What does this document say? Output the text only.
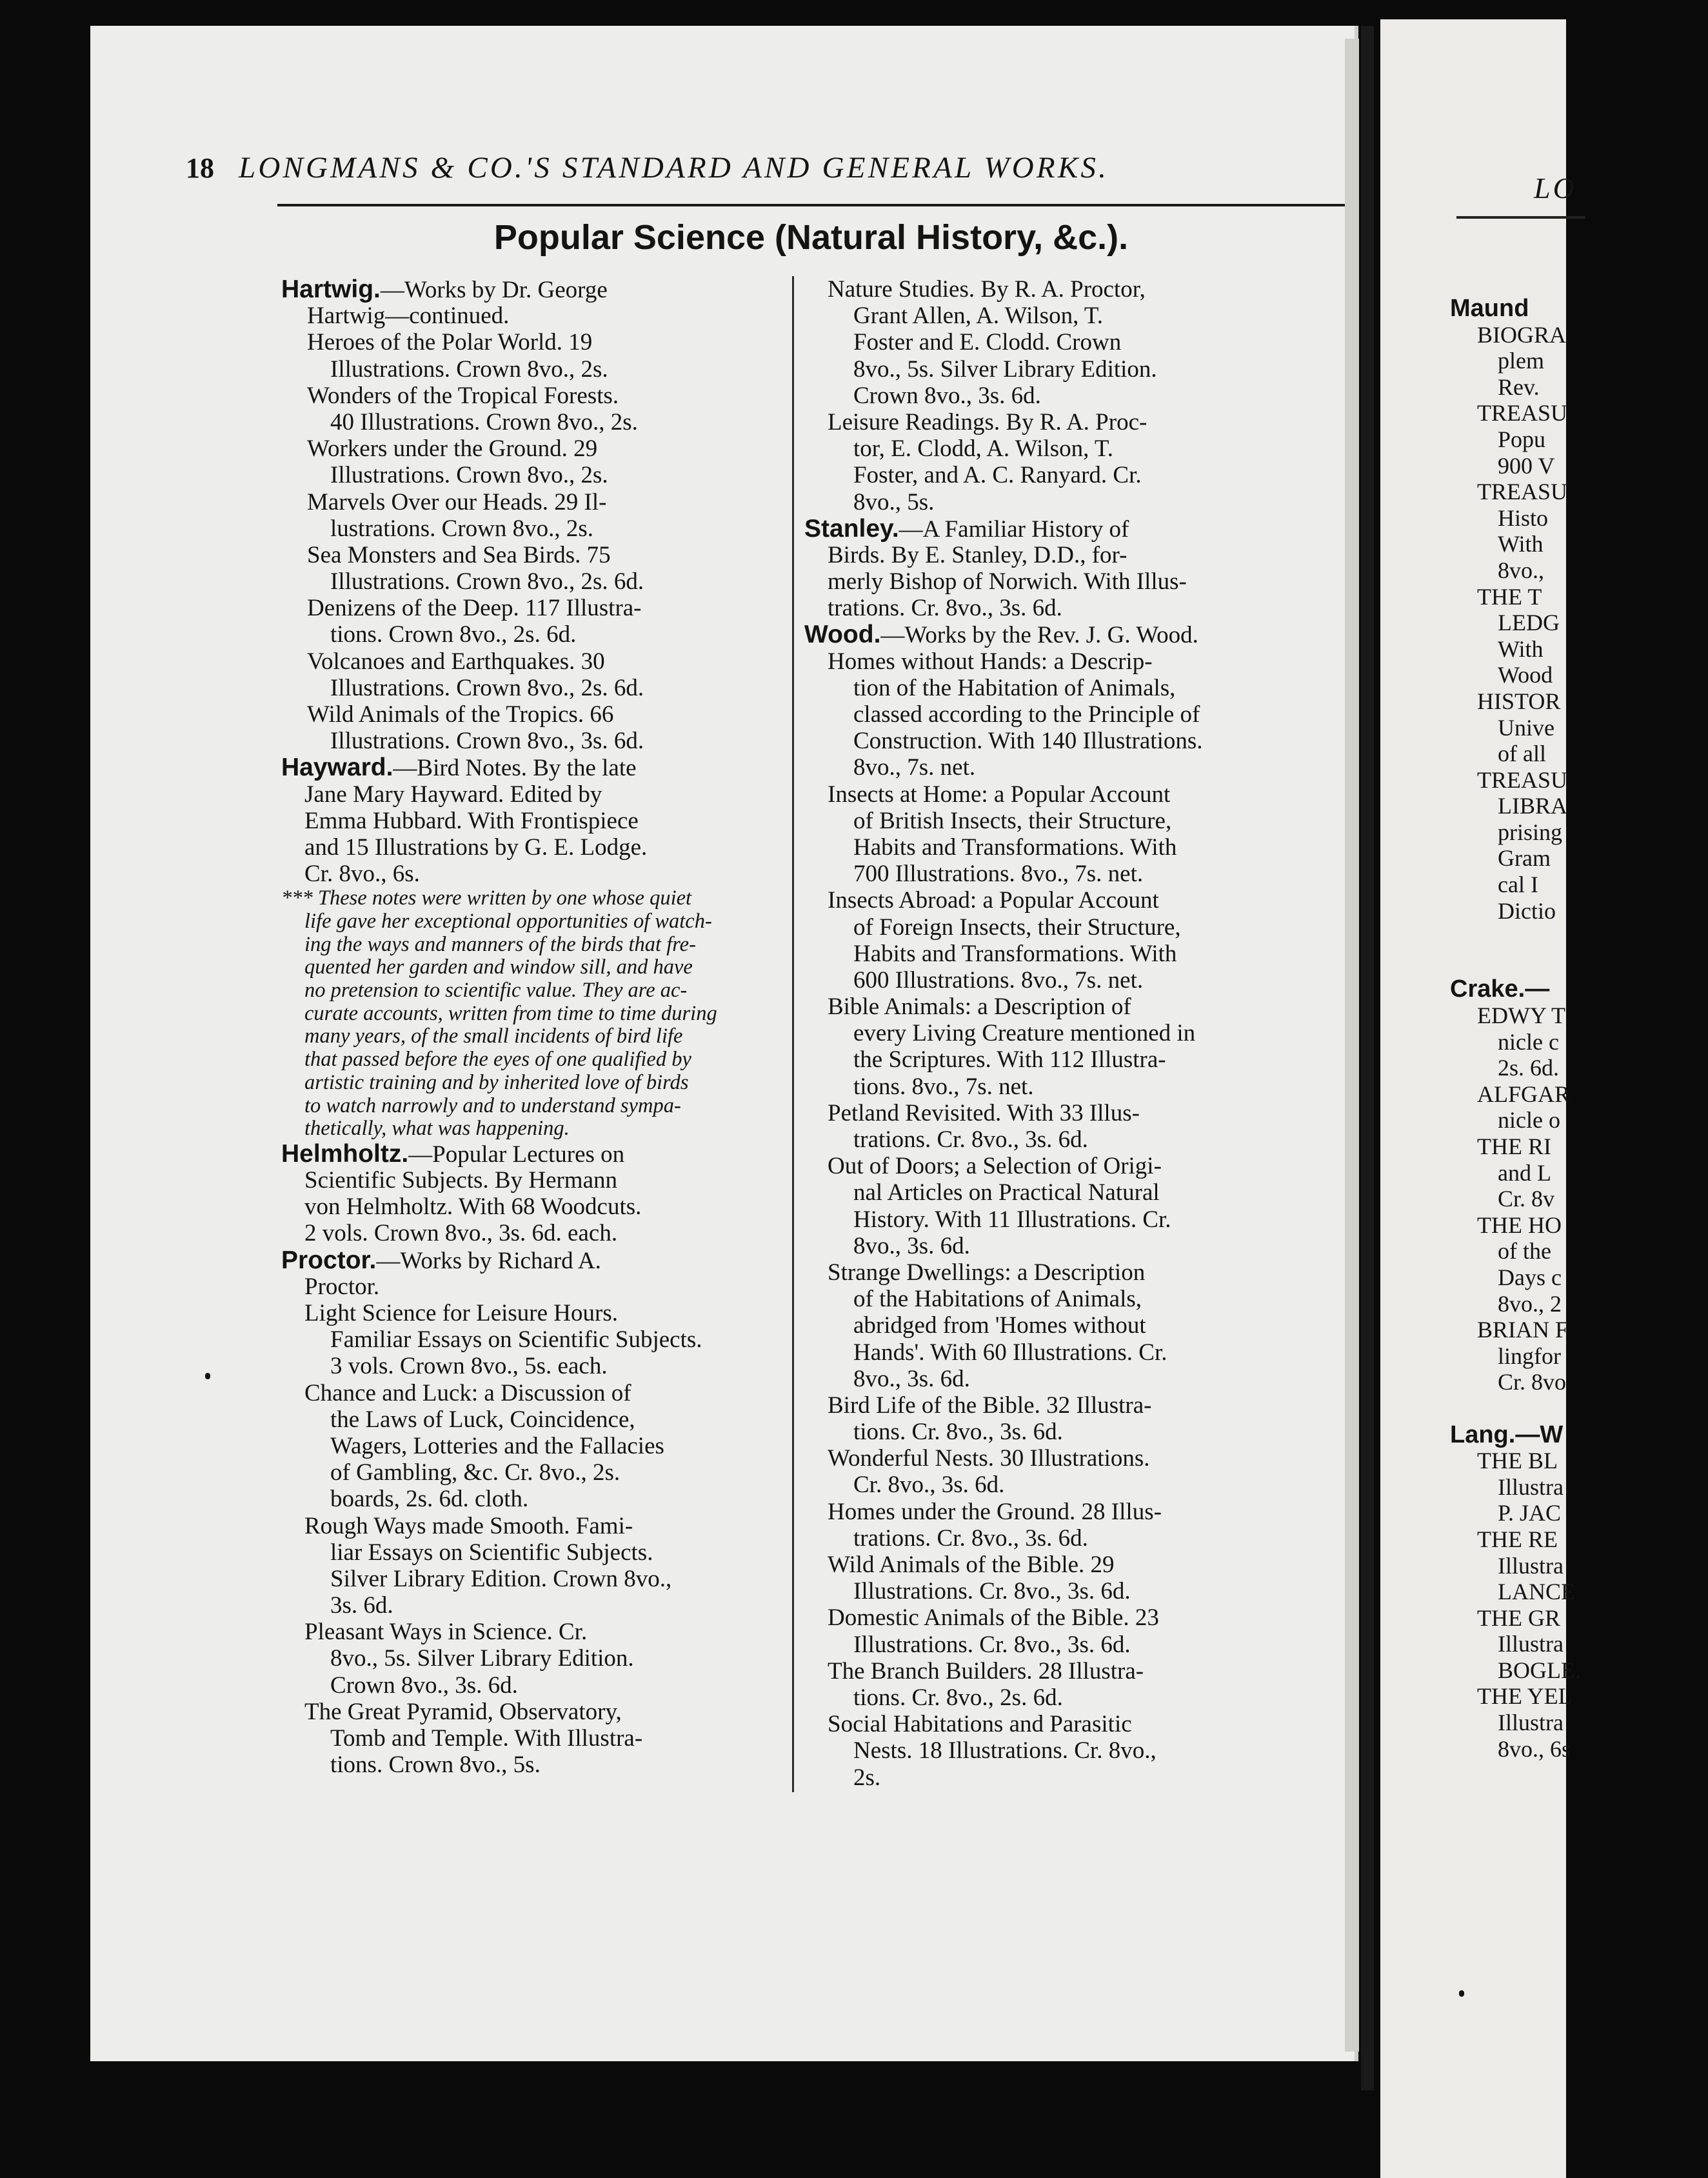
LO
Maund
BIOGRA
plem
Rev.
TREASU
Popu
900 V
TREASU
Histo
With
8vo.,
THE T
LEDG
With
Wood
HISTOR
Unive
of all
TREASU
LIBRA
prising
Gram
cal I
Dictio
Crake.—
EDWY T
nicle c
2s. 6d.
ALFGAR
nicle o
THE RI
and L
Cr. 8v
THE HO
of the
Days c
8vo., 2
BRIAN F
lingfor
Cr. 8vo
Lang.—W
THE BL
Illustra
P. JAC
THE RE
Illustra
LANCE
THE GR
Illustra
BOGLE.
THE YEL
Illustra
8vo., 6s
18 LONGMANS & CO.'S STANDARD AND GENERAL WORKS.
Popular Science (Natural History, &c.).
Hartwig.—Works by Dr. George
Hartwig—continued.
Heroes of the Polar World. 19
Illustrations. Crown 8vo., 2s.
Wonders of the Tropical Forests.
40 Illustrations. Crown 8vo., 2s.
Workers under the Ground. 29
Illustrations. Crown 8vo., 2s.
Marvels Over our Heads. 29 Il-
lustrations. Crown 8vo., 2s.
Sea Monsters and Sea Birds. 75
Illustrations. Crown 8vo., 2s. 6d.
Denizens of the Deep. 117 Illustra-
tions. Crown 8vo., 2s. 6d.
Volcanoes and Earthquakes. 30
Illustrations. Crown 8vo., 2s. 6d.
Wild Animals of the Tropics. 66
Illustrations. Crown 8vo., 3s. 6d.
Hayward.—Bird Notes. By the late
Jane Mary Hayward. Edited by
Emma Hubbard. With Frontispiece
and 15 Illustrations by G. E. Lodge.
Cr. 8vo., 6s.
*** These notes were written by one whose quiet
life gave her exceptional opportunities of watch-
ing the ways and manners of the birds that fre-
quented her garden and window sill, and have
no pretension to scientific value. They are ac-
curate accounts, written from time to time during
many years, of the small incidents of bird life
that passed before the eyes of one qualified by
artistic training and by inherited love of birds
to watch narrowly and to understand sympa-
thetically, what was happening.
Helmholtz.—Popular Lectures on
Scientific Subjects. By Hermann
von Helmholtz. With 68 Woodcuts.
2 vols. Crown 8vo., 3s. 6d. each.
Proctor.—Works by Richard A.
Proctor.
Light Science for Leisure Hours.
Familiar Essays on Scientific Subjects.
3 vols. Crown 8vo., 5s. each.
Chance and Luck: a Discussion of
the Laws of Luck, Coincidence,
Wagers, Lotteries and the Fallacies
of Gambling, &c. Cr. 8vo., 2s.
boards, 2s. 6d. cloth.
Rough Ways made Smooth. Fami-
liar Essays on Scientific Subjects.
Silver Library Edition. Crown 8vo.,
3s. 6d.
Pleasant Ways in Science. Cr.
8vo., 5s. Silver Library Edition.
Crown 8vo., 3s. 6d.
The Great Pyramid, Observatory,
Tomb and Temple. With Illustra-
tions. Crown 8vo., 5s.
Nature Studies. By R. A. Proctor,
Grant Allen, A. Wilson, T.
Foster and E. Clodd. Crown
8vo., 5s. Silver Library Edition.
Crown 8vo., 3s. 6d.
Leisure Readings. By R. A. Proc-
tor, E. Clodd, A. Wilson, T.
Foster, and A. C. Ranyard. Cr.
8vo., 5s.
Stanley.—A Familiar History of
Birds. By E. Stanley, D.D., for-
merly Bishop of Norwich. With Illus-
trations. Cr. 8vo., 3s. 6d.
Wood.—Works by the Rev. J. G. Wood.
Homes without Hands: a Descrip-
tion of the Habitation of Animals,
classed according to the Principle of
Construction. With 140 Illustrations.
8vo., 7s. net.
Insects at Home: a Popular Account
of British Insects, their Structure,
Habits and Transformations. With
700 Illustrations. 8vo., 7s. net.
Insects Abroad: a Popular Account
of Foreign Insects, their Structure,
Habits and Transformations. With
600 Illustrations. 8vo., 7s. net.
Bible Animals: a Description of
every Living Creature mentioned in
the Scriptures. With 112 Illustra-
tions. 8vo., 7s. net.
Petland Revisited. With 33 Illus-
trations. Cr. 8vo., 3s. 6d.
Out of Doors; a Selection of Origi-
nal Articles on Practical Natural
History. With 11 Illustrations. Cr.
8vo., 3s. 6d.
Strange Dwellings: a Description
of the Habitations of Animals,
abridged from 'Homes without
Hands'. With 60 Illustrations. Cr.
8vo., 3s. 6d.
Bird Life of the Bible. 32 Illustra-
tions. Cr. 8vo., 3s. 6d.
Wonderful Nests. 30 Illustrations.
Cr. 8vo., 3s. 6d.
Homes under the Ground. 28 Illus-
trations. Cr. 8vo., 3s. 6d.
Wild Animals of the Bible. 29
Illustrations. Cr. 8vo., 3s. 6d.
Domestic Animals of the Bible. 23
Illustrations. Cr. 8vo., 3s. 6d.
The Branch Builders. 28 Illustra-
tions. Cr. 8vo., 2s. 6d.
Social Habitations and Parasitic
Nests. 18 Illustrations. Cr. 8vo.,
2s.
